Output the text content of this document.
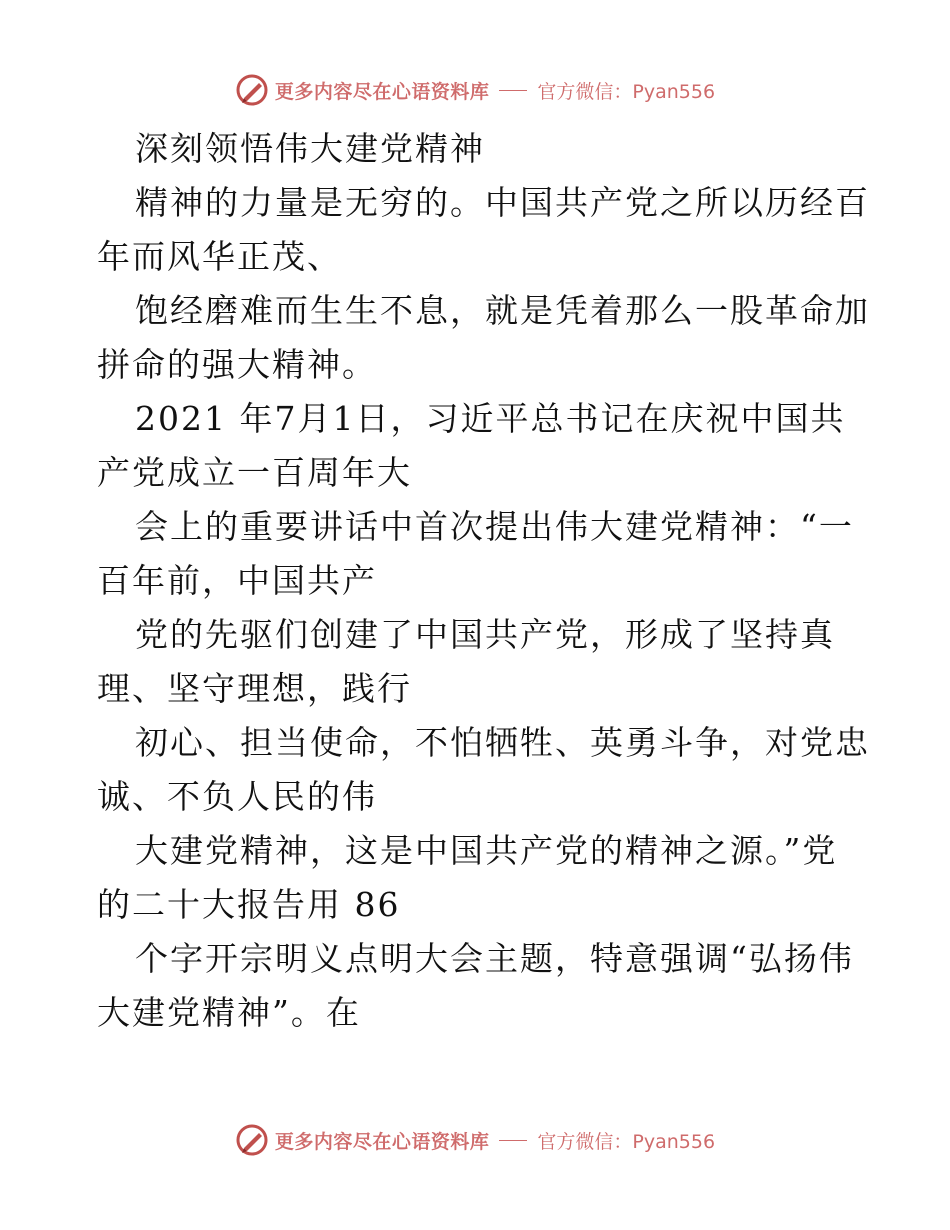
更多内容尽在心语资料库	官方微信：Pyan556
深刻领悟伟大建党精神
精神的力量是无穷的。中国共产党之所以历经百
年而风华正茂、
饱经磨难而生生不息，就是凭着那么一股革命加
拼命的强大精神。
2021 年7月1日，习近平总书记在庆祝中国共
产党成立一百周年大
会上的重要讲话中首次提出伟大建党精神：“一
百年前，中国共产
党的先驱们创建了中国共产党，形成了坚持真
理、坚守理想，践行
初心、担当使命，不怕牺牲、英勇斗争，对党忠
诚、不负人民的伟
大建党精神，这是中国共产党的精神之源。”党
的二十大报告用 86
个字开宗明义点明大会主题，特意强调“弘扬伟
大建党精神”。在
更多内容尽在心语资料库	官方微信：Pyan556
